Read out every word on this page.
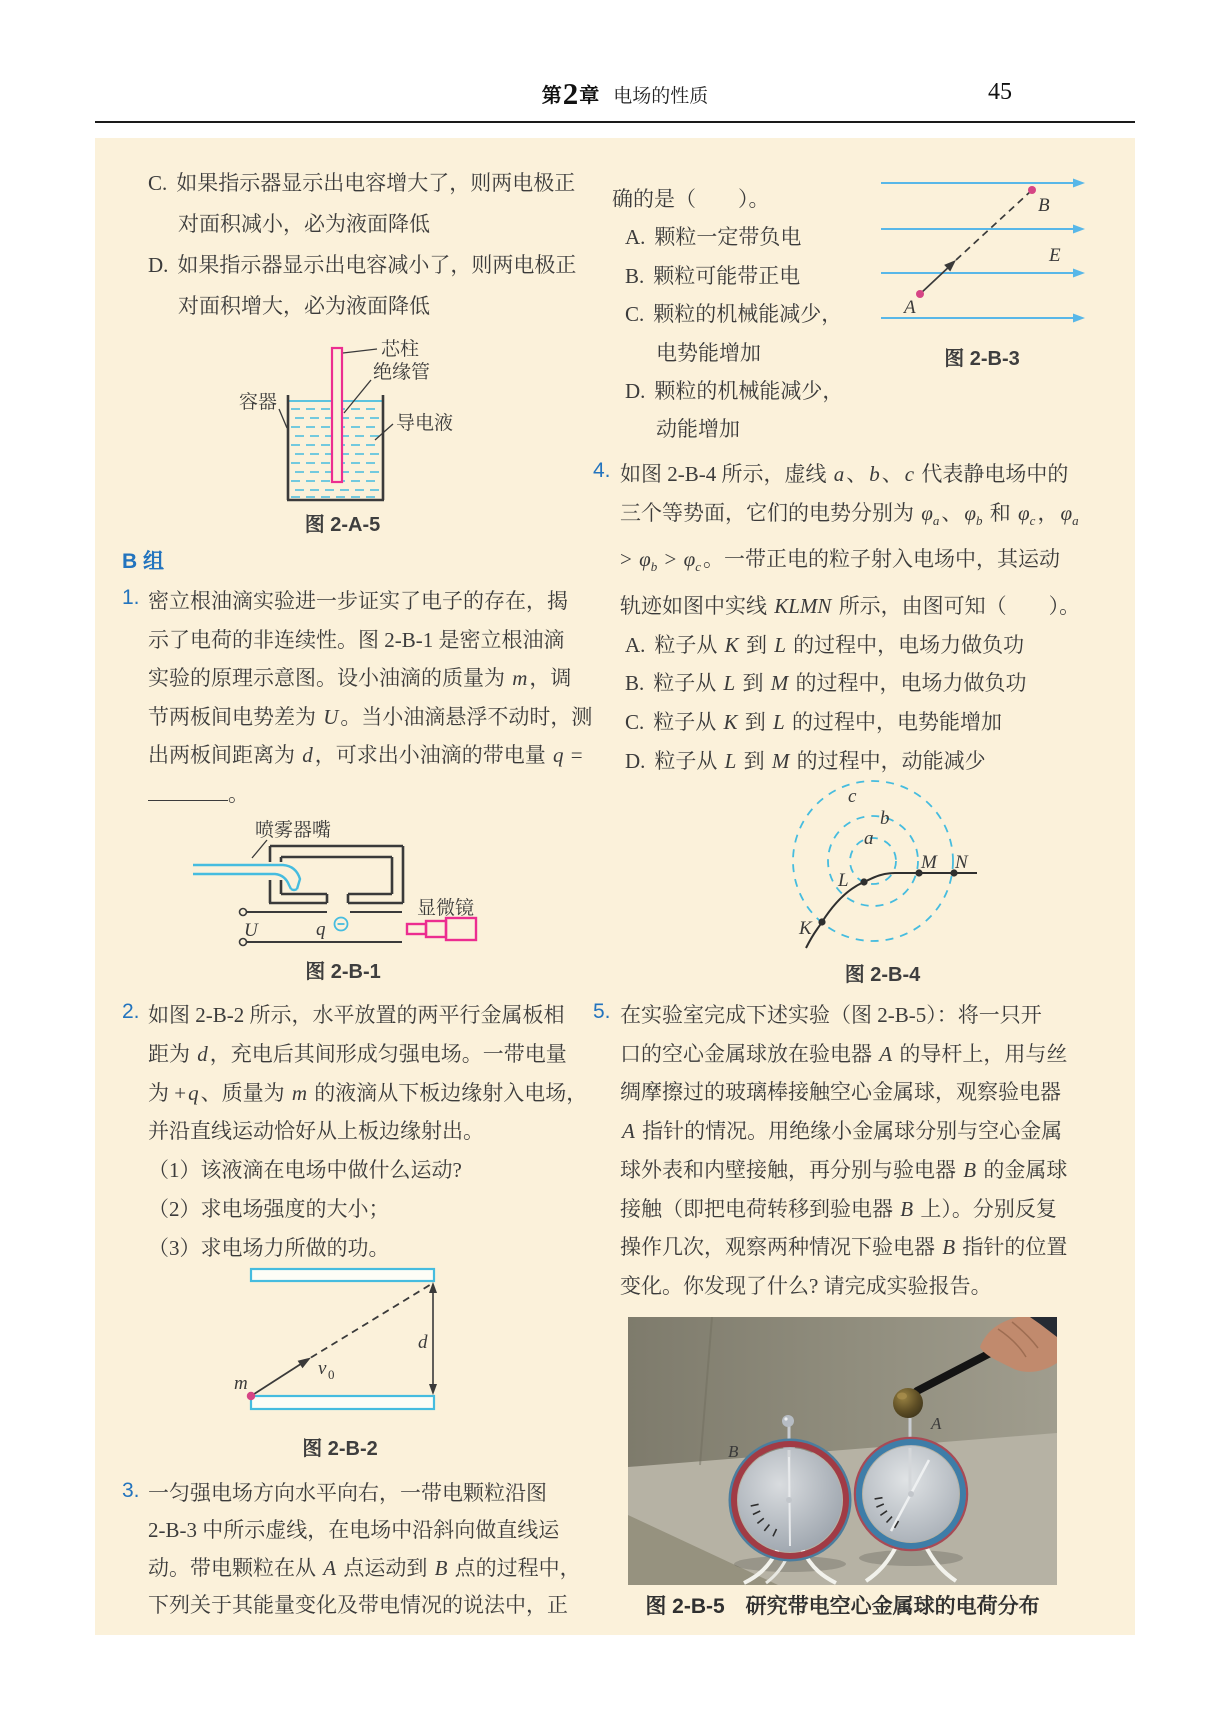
第2章 电场的性质	45
C. 如果指示器显示出电容增大了，则两电极正
对面积减小，必为液面降低
D. 如果指示器显示出电容减小了，则两电极正
对面积增大，必为液面降低
芯柱
绝缘管
容器
导电液
图 2-A-5
B 组
1. 密立根油滴实验进一步证实了电子的存在，揭
示了电荷的非连续性。图 2-B-1 是密立根油滴
实验的原理示意图。设小油滴的质量为 m，调
节两板间电势差为 U。当小油滴悬浮不动时，测
出两板间距离为 d，可求出小油滴的带电量 q =
。
喷雾器嘴
U	q
显微镜
图 2-B-1
2. 如图 2-B-2 所示，水平放置的两平行金属板相
距为 d，充电后其间形成匀强电场。一带电量
为 +q、质量为 m 的液滴从下板边缘射入电场，
并沿直线运动恰好从上板边缘射出。
（1）该液滴在电场中做什么运动?
（2）求电场强度的大小；
（3）求电场力所做的功。
m
v 0
d
图 2-B-2
3. 一匀强电场方向水平向右，一带电颗粒沿图
2-B-3 中所示虚线，在电场中沿斜向做直线运
动。带电颗粒在从 A 点运动到 B 点的过程中，
下列关于其能量变化及带电情况的说法中，正
确的是（　　）。
A. 颗粒一定带负电
B. 颗粒可能带正电
C. 颗粒的机械能减少，
电势能增加
D. 颗粒的机械能减少，
动能增加
A
B
E
图 2-B-3
4. 如图 2-B-4 所示，虚线 a、b、c 代表静电场中的
三个等势面，它们的电势分别为 $\varphi_a$、$\varphi_b$ 和 $\varphi_c$，$\varphi_a$
> $\varphi_b > \varphi_c$。一带正电的粒子射入电场中，其运动
轨迹如图中实线 KLMN 所示，由图可知（　　）。
A. 粒子从 K 到 L 的过程中，电场力做负功
B. 粒子从 L 到 M 的过程中，电场力做负功
C. 粒子从 K 到 L 的过程中，电势能增加
D. 粒子从 L 到 M 的过程中，动能减少
c
b
a
K
L
M N
图 2-B-4
5. 在实验室完成下述实验（图 2-B-5）：将一只开
口的空心金属球放在验电器 A 的导杆上，用与丝
绸摩擦过的玻璃棒接触空心金属球，观察验电器
A 指针的情况。用绝缘小金属球分别与空心金属
球外表和内壁接触，再分别与验电器 B 的金属球
接触（即把电荷转移到验电器 B 上）。分别反复
操作几次，观察两种情况下验电器 B 指针的位置
变化。你发现了什么? 请完成实验报告。
B
A
图 2-B-5　研究带电空心金属球的电荷分布
